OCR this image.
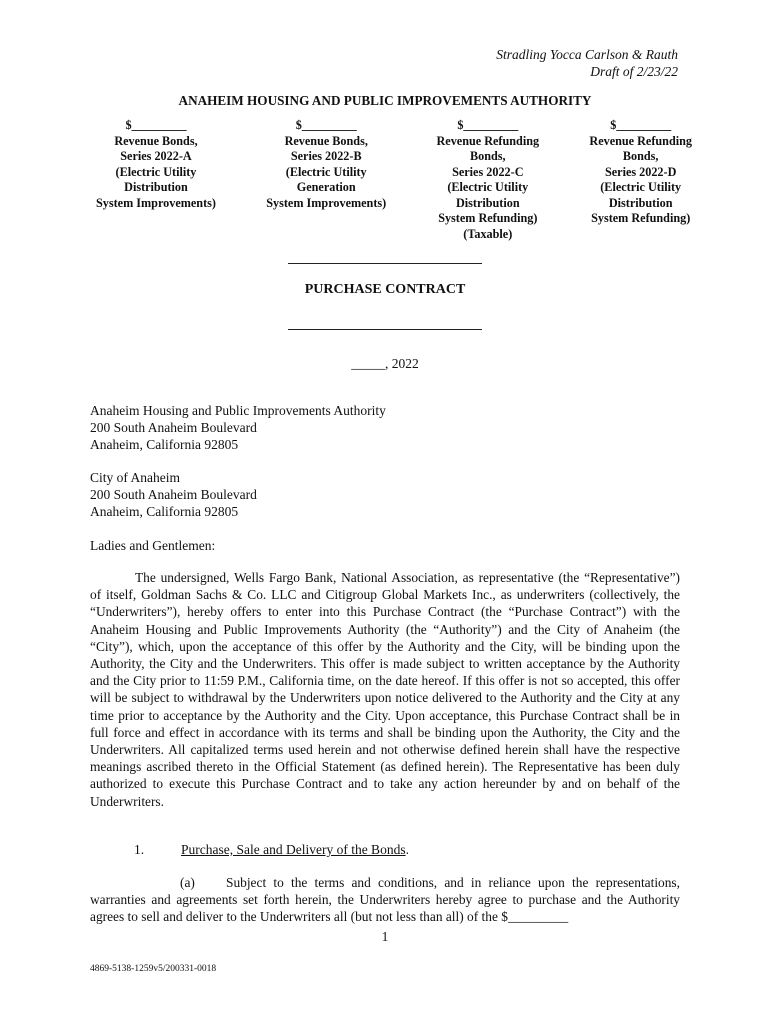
Stradling Yocca Carlson & Rauth
Draft of 2/23/22
ANAHEIM HOUSING AND PUBLIC IMPROVEMENTS AUTHORITY
$_________
Revenue Bonds,
Series 2022-A
(Electric Utility
Distribution
System Improvements)
$_________
Revenue Bonds,
Series 2022-B
(Electric Utility
Generation
System Improvements)
$_________
Revenue Refunding
Bonds,
Series 2022-C
(Electric Utility
Distribution
System Refunding)
(Taxable)
$_________
Revenue Refunding
Bonds,
Series 2022-D
(Electric Utility
Distribution
System Refunding)
PURCHASE CONTRACT
_____, 2022
Anaheim Housing and Public Improvements Authority
200 South Anaheim Boulevard
Anaheim, California 92805
City of Anaheim
200 South Anaheim Boulevard
Anaheim, California 92805
Ladies and Gentlemen:
The undersigned, Wells Fargo Bank, National Association, as representative (the “Representative”) of itself, Goldman Sachs & Co. LLC and Citigroup Global Markets Inc., as underwriters (collectively, the “Underwriters”), hereby offers to enter into this Purchase Contract (the “Purchase Contract”) with the Anaheim Housing and Public Improvements Authority (the “Authority”) and the City of Anaheim (the “City”), which, upon the acceptance of this offer by the Authority and the City, will be binding upon the Authority, the City and the Underwriters. This offer is made subject to written acceptance by the Authority and the City prior to 11:59 P.M., California time, on the date hereof. If this offer is not so accepted, this offer will be subject to withdrawal by the Underwriters upon notice delivered to the Authority and the City at any time prior to acceptance by the Authority and the City. Upon acceptance, this Purchase Contract shall be in full force and effect in accordance with its terms and shall be binding upon the Authority, the City and the Underwriters. All capitalized terms used herein and not otherwise defined herein shall have the respective meanings ascribed thereto in the Official Statement (as defined herein). The Representative has been duly authorized to execute this Purchase Contract and to take any action hereunder by and on behalf of the Underwriters.
1.	Purchase, Sale and Delivery of the Bonds.
(a) Subject to the terms and conditions, and in reliance upon the representations, warranties and agreements set forth herein, the Underwriters hereby agree to purchase and the Authority agrees to sell and deliver to the Underwriters all (but not less than all) of the $_________
1
4869-5138-1259v5/200331-0018
